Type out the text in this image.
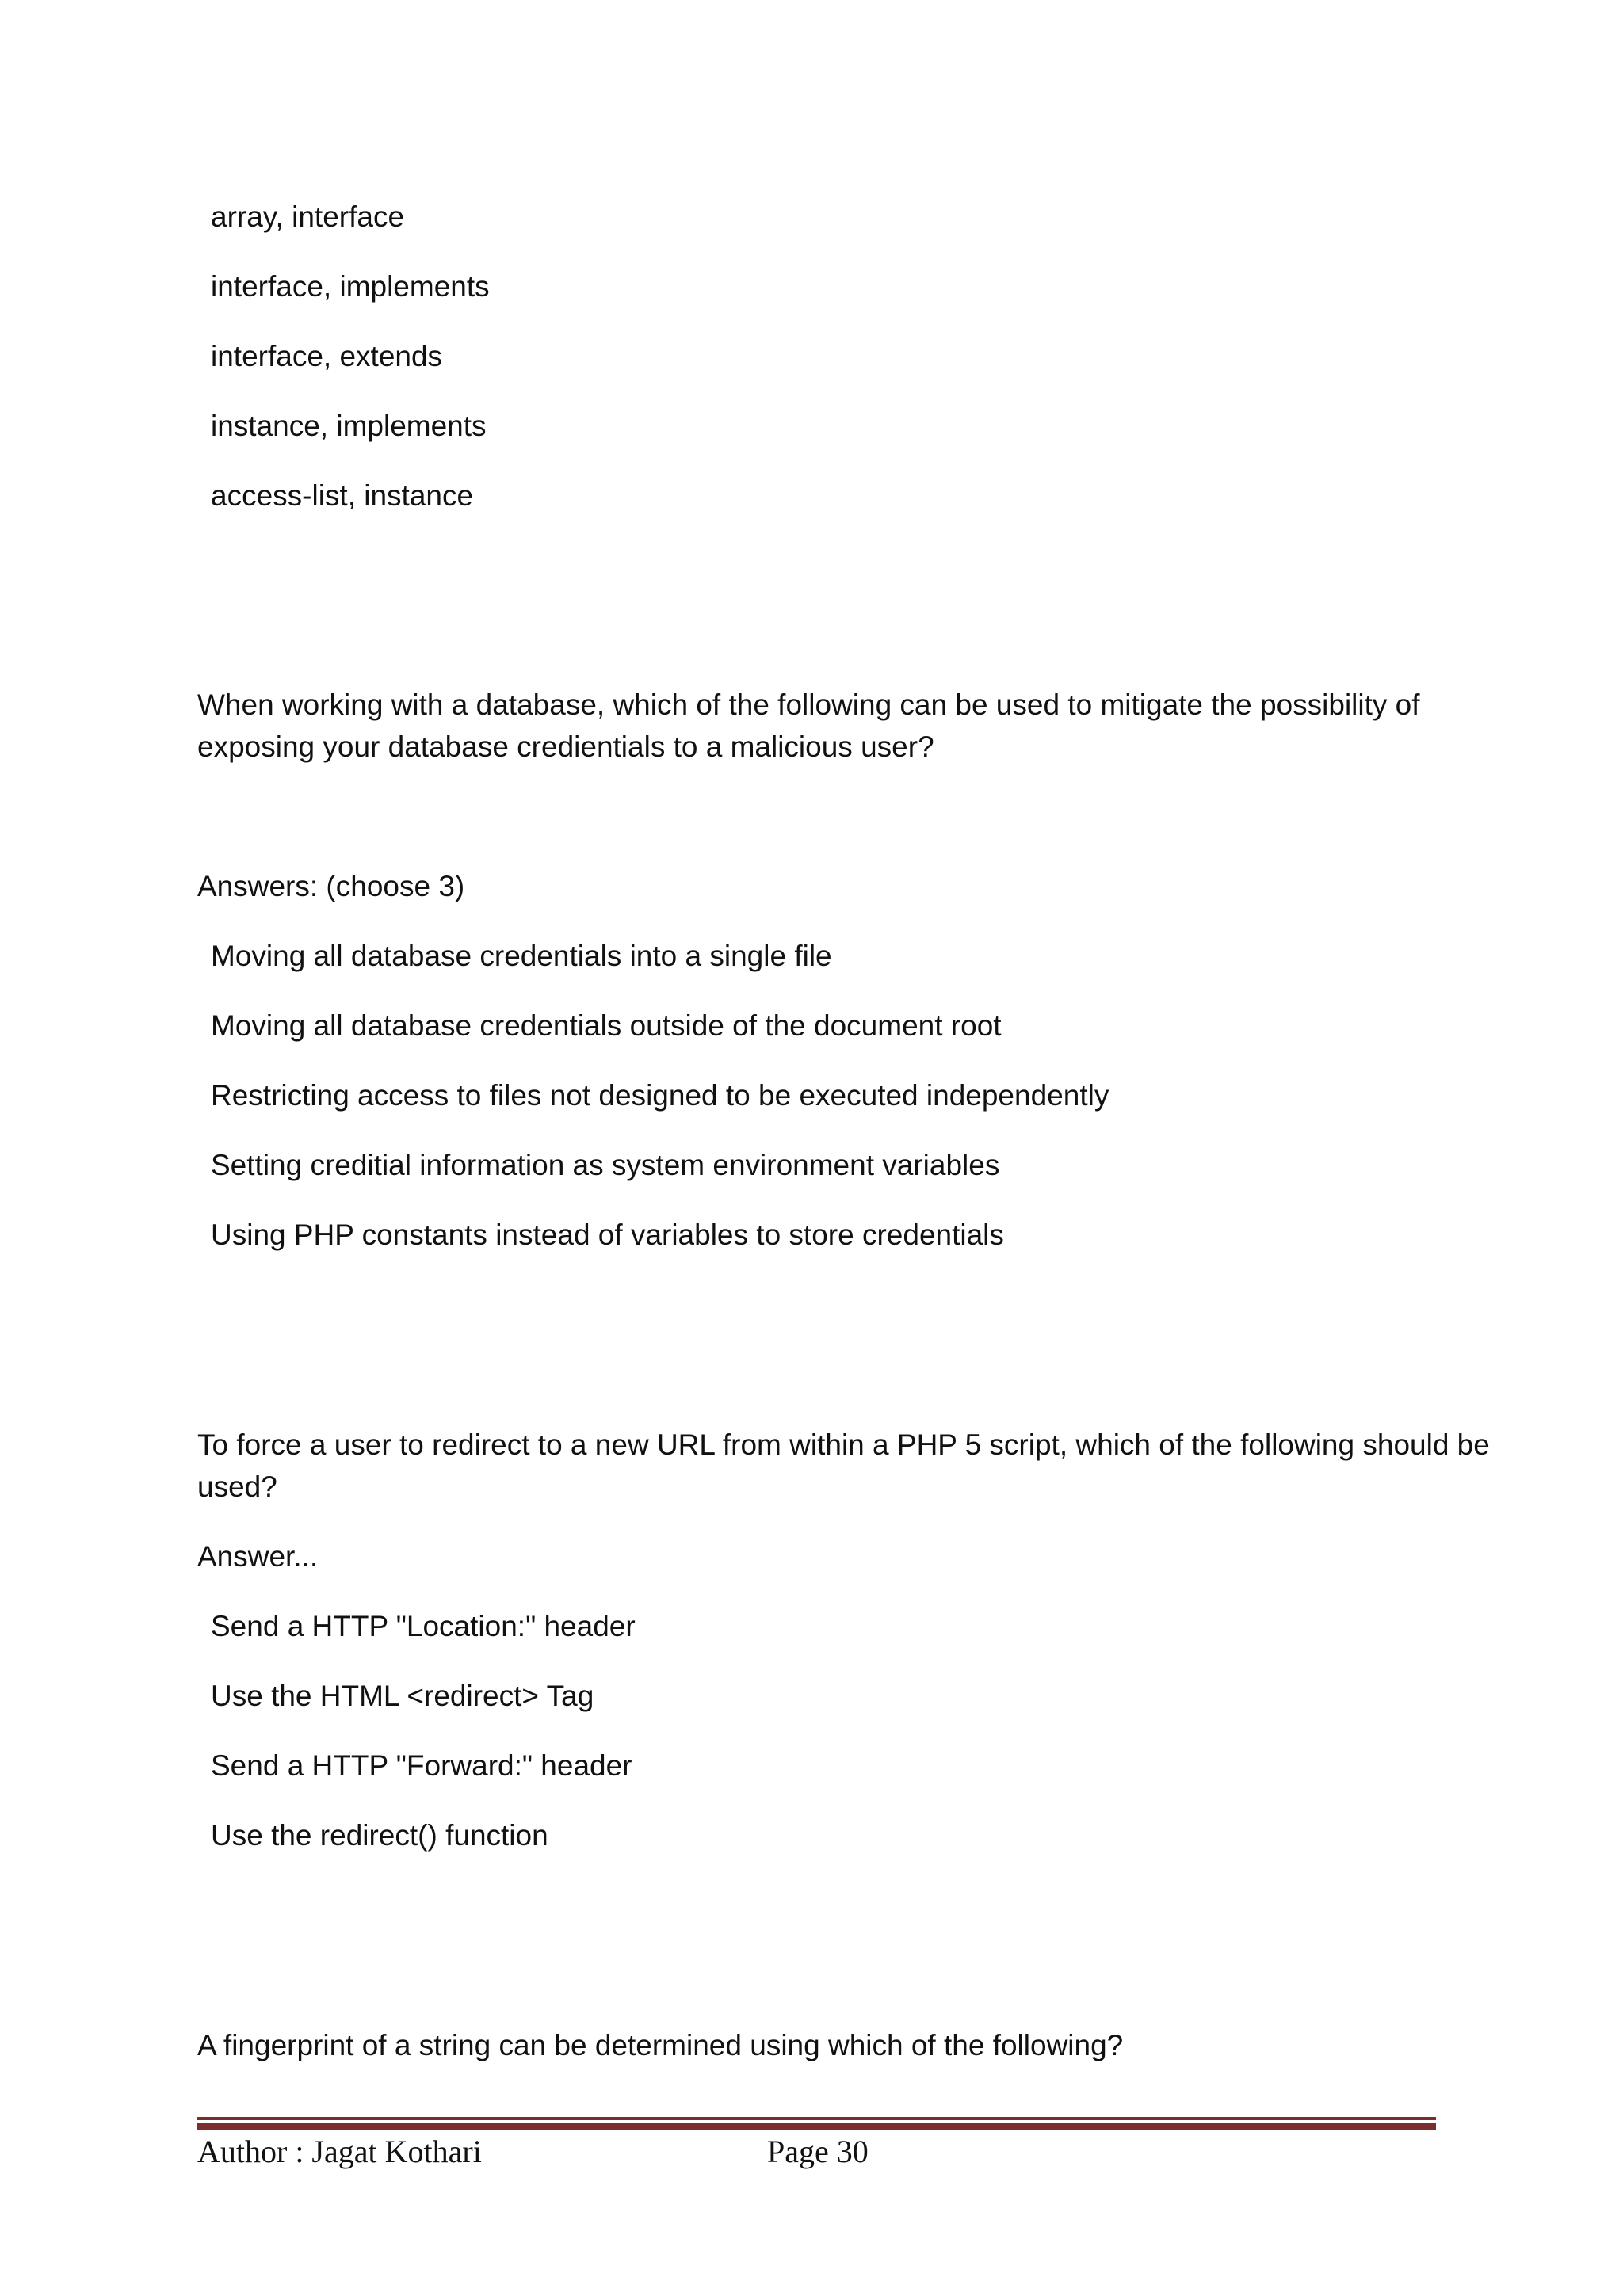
array, interface
interface, implements
interface, extends
instance, implements
access-list, instance
When working with a database, which of the following can be used to mitigate the possibility of
exposing your database credientials to a malicious user?
Answers: (choose 3)
Moving all database credentials into a single file
Moving all database credentials outside of the document root
Restricting access to files not designed to be executed independently
Setting creditial information as system environment variables
Using PHP constants instead of variables to store credentials
To force a user to redirect to a new URL from within a PHP 5 script, which of the following should be
used?
Answer...
Send a HTTP "Location:" header
Use the HTML <redirect> Tag
Send a HTTP "Forward:" header
Use the redirect() function
A fingerprint of a string can be determined using which of the following?
Author : Jagat Kothari	Page 30
